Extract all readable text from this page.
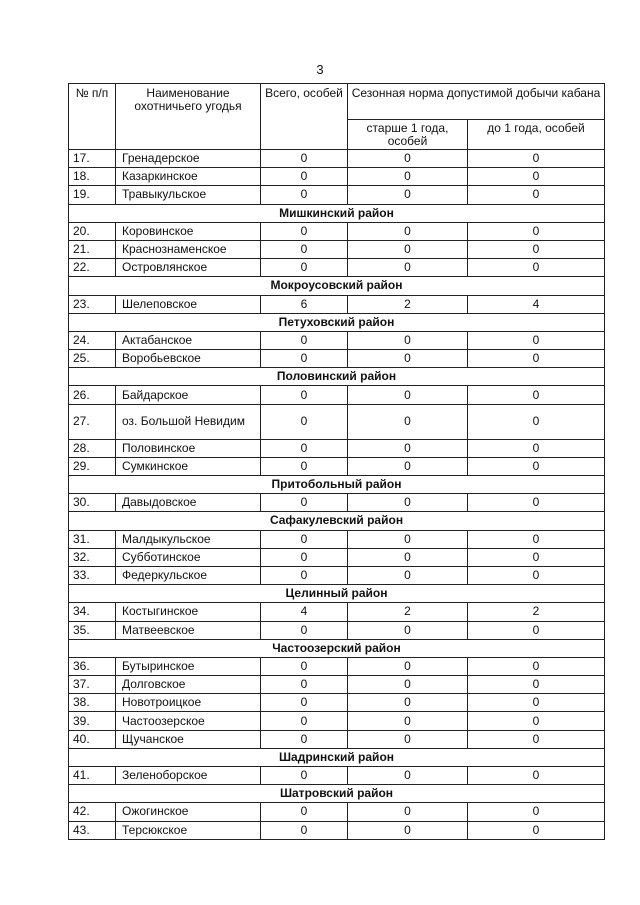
3
№ п/п	Наименование охотничьего угодья	Всего, особей	Сезонная норма допустимой добычи кабана	
			старше 1 года, особей	до 1 года, особей
17.	Гренадерское	0	0	0
18.	Казаркинское	0	0	0
19.	Травыкульское	0	0	0
Мишкинский район				
20.	Коровинское	0	0	0
21.	Краснознаменское	0	0	0
22.	Островлянское	0	0	0
Мокроусовский район				
23.	Шелеповское	6	2	4
Петуховский район				
24.	Актабанское	0	0	0
25.	Воробьевское	0	0	0
Половинский район				
26.	Байдарское	0	0	0
27.	оз. Большой Невидим	0	0	0
28.	Половинское	0	0	0
29.	Сумкинское	0	0	0
Притобольный район				
30.	Давыдовское	0	0	0
Сафакулевский район				
31.	Малдыкульское	0	0	0
32.	Субботинское	0	0	0
33.	Федеркульское	0	0	0
Целинный район				
34.	Костыгинское	4	2	2
35.	Матвеевское	0	0	0
Частоозерский район				
36.	Бутыринское	0	0	0
37.	Долговское	0	0	0
38.	Новотроицкое	0	0	0
39.	Частоозерское	0	0	0
40.	Щучанское	0	0	0
Шадринский район				
41.	Зеленоборское	0	0	0
Шатровский район				
42.	Ожогинское	0	0	0
43.	Терсюкское	0	0	0
